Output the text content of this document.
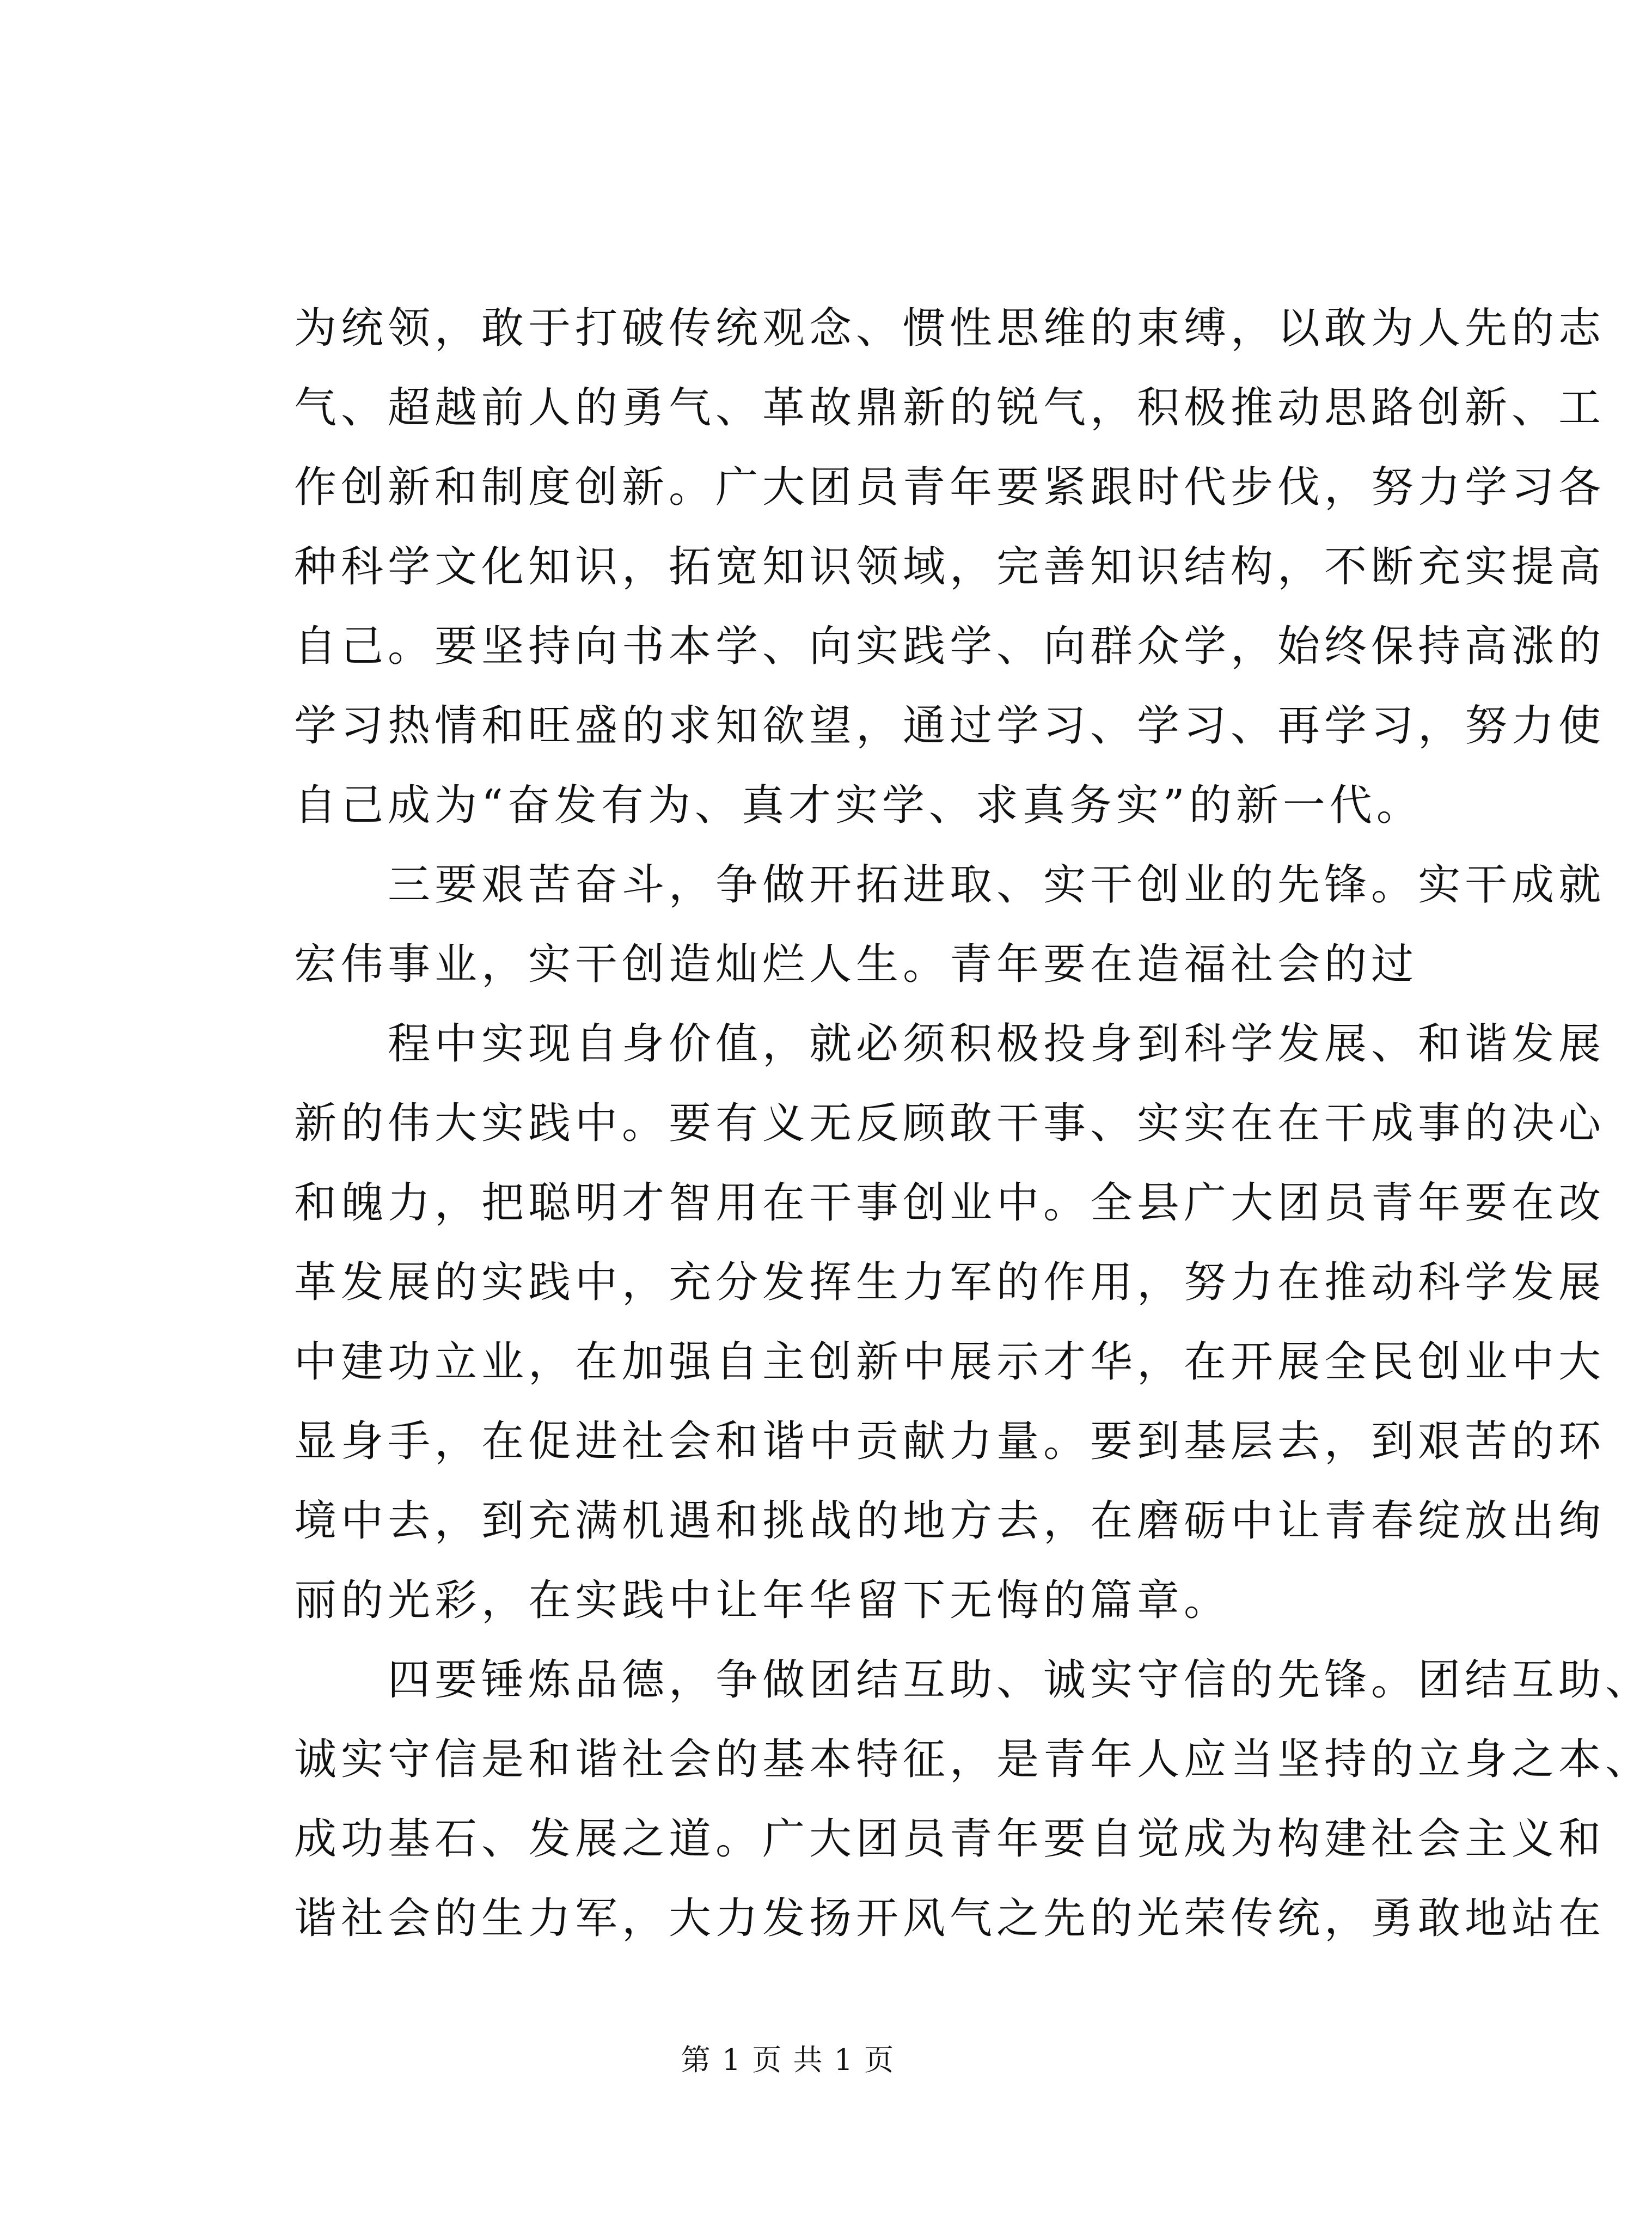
为统领，敢于打破传统观念、惯性思维的束缚，以敢为人先的志
气、超越前人的勇气、革故鼎新的锐气，积极推动思路创新、工
作创新和制度创新。广大团员青年要紧跟时代步伐，努力学习各
种科学文化知识，拓宽知识领域，完善知识结构，不断充实提高
自己。要坚持向书本学、向实践学、向群众学，始终保持高涨的
学习热情和旺盛的求知欲望，通过学习、学习、再学习，努力使
自己成为“奋发有为、真才实学、求真务实”的新一代。
三要艰苦奋斗，争做开拓进取、实干创业的先锋。实干成就
宏伟事业，实干创造灿烂人生。青年要在造福社会的过
程中实现自身价值，就必须积极投身到科学发展、和谐发展
新的伟大实践中。要有义无反顾敢干事、实实在在干成事的决心
和魄力，把聪明才智用在干事创业中。全县广大团员青年要在改
革发展的实践中，充分发挥生力军的作用，努力在推动科学发展
中建功立业，在加强自主创新中展示才华，在开展全民创业中大
显身手，在促进社会和谐中贡献力量。要到基层去，到艰苦的环
境中去，到充满机遇和挑战的地方去，在磨砺中让青春绽放出绚
丽的光彩，在实践中让年华留下无悔的篇章。
四要锤炼品德，争做团结互助、诚实守信的先锋。团结互助、
诚实守信是和谐社会的基本特征，是青年人应当坚持的立身之本、
成功基石、发展之道。广大团员青年要自觉成为构建社会主义和
谐社会的生力军，大力发扬开风气之先的光荣传统，勇敢地站在
第 1 页 共 1 页
